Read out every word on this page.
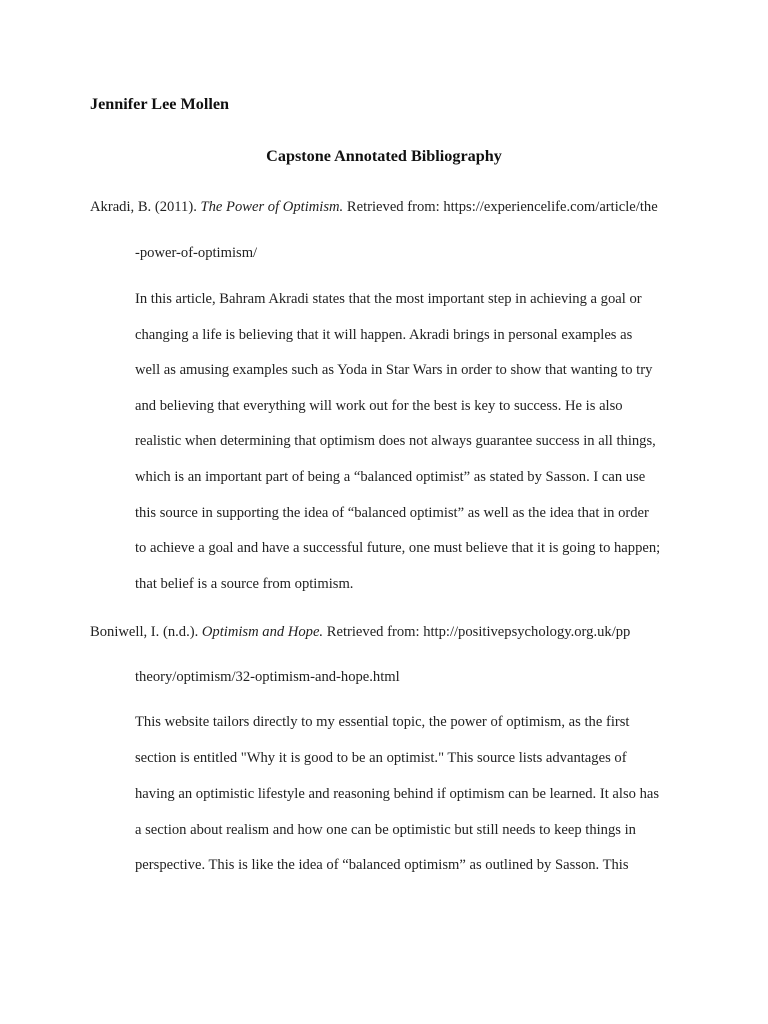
Jennifer Lee Mollen
Capstone Annotated Bibliography
Akradi, B. (2011). The Power of Optimism. Retrieved from: https://experiencelife.com/article/the
-power-of-optimism/
In this article, Bahram Akradi states that the most important step in achieving a goal or
changing a life is believing that it will happen. Akradi brings in personal examples as
well as amusing examples such as Yoda in Star Wars in order to show that wanting to try
and believing that everything will work out for the best is key to success. He is also
realistic when determining that optimism does not always guarantee success in all things,
which is an important part of being a “balanced optimist” as stated by Sasson. I can use
this source in supporting the idea of “balanced optimist” as well as the idea that in order
to achieve a goal and have a successful future, one must believe that it is going to happen;
that belief is a source from optimism.
Boniwell, I. (n.d.). Optimism and Hope. Retrieved from: http://positivepsychology.org.uk/pp
theory/optimism/32-optimism-and-hope.html
This website tailors directly to my essential topic, the power of optimism, as the first
section is entitled "Why it is good to be an optimist." This source lists advantages of
having an optimistic lifestyle and reasoning behind if optimism can be learned. It also has
a section about realism and how one can be optimistic but still needs to keep things in
perspective. This is like the idea of “balanced optimism” as outlined by Sasson. This
